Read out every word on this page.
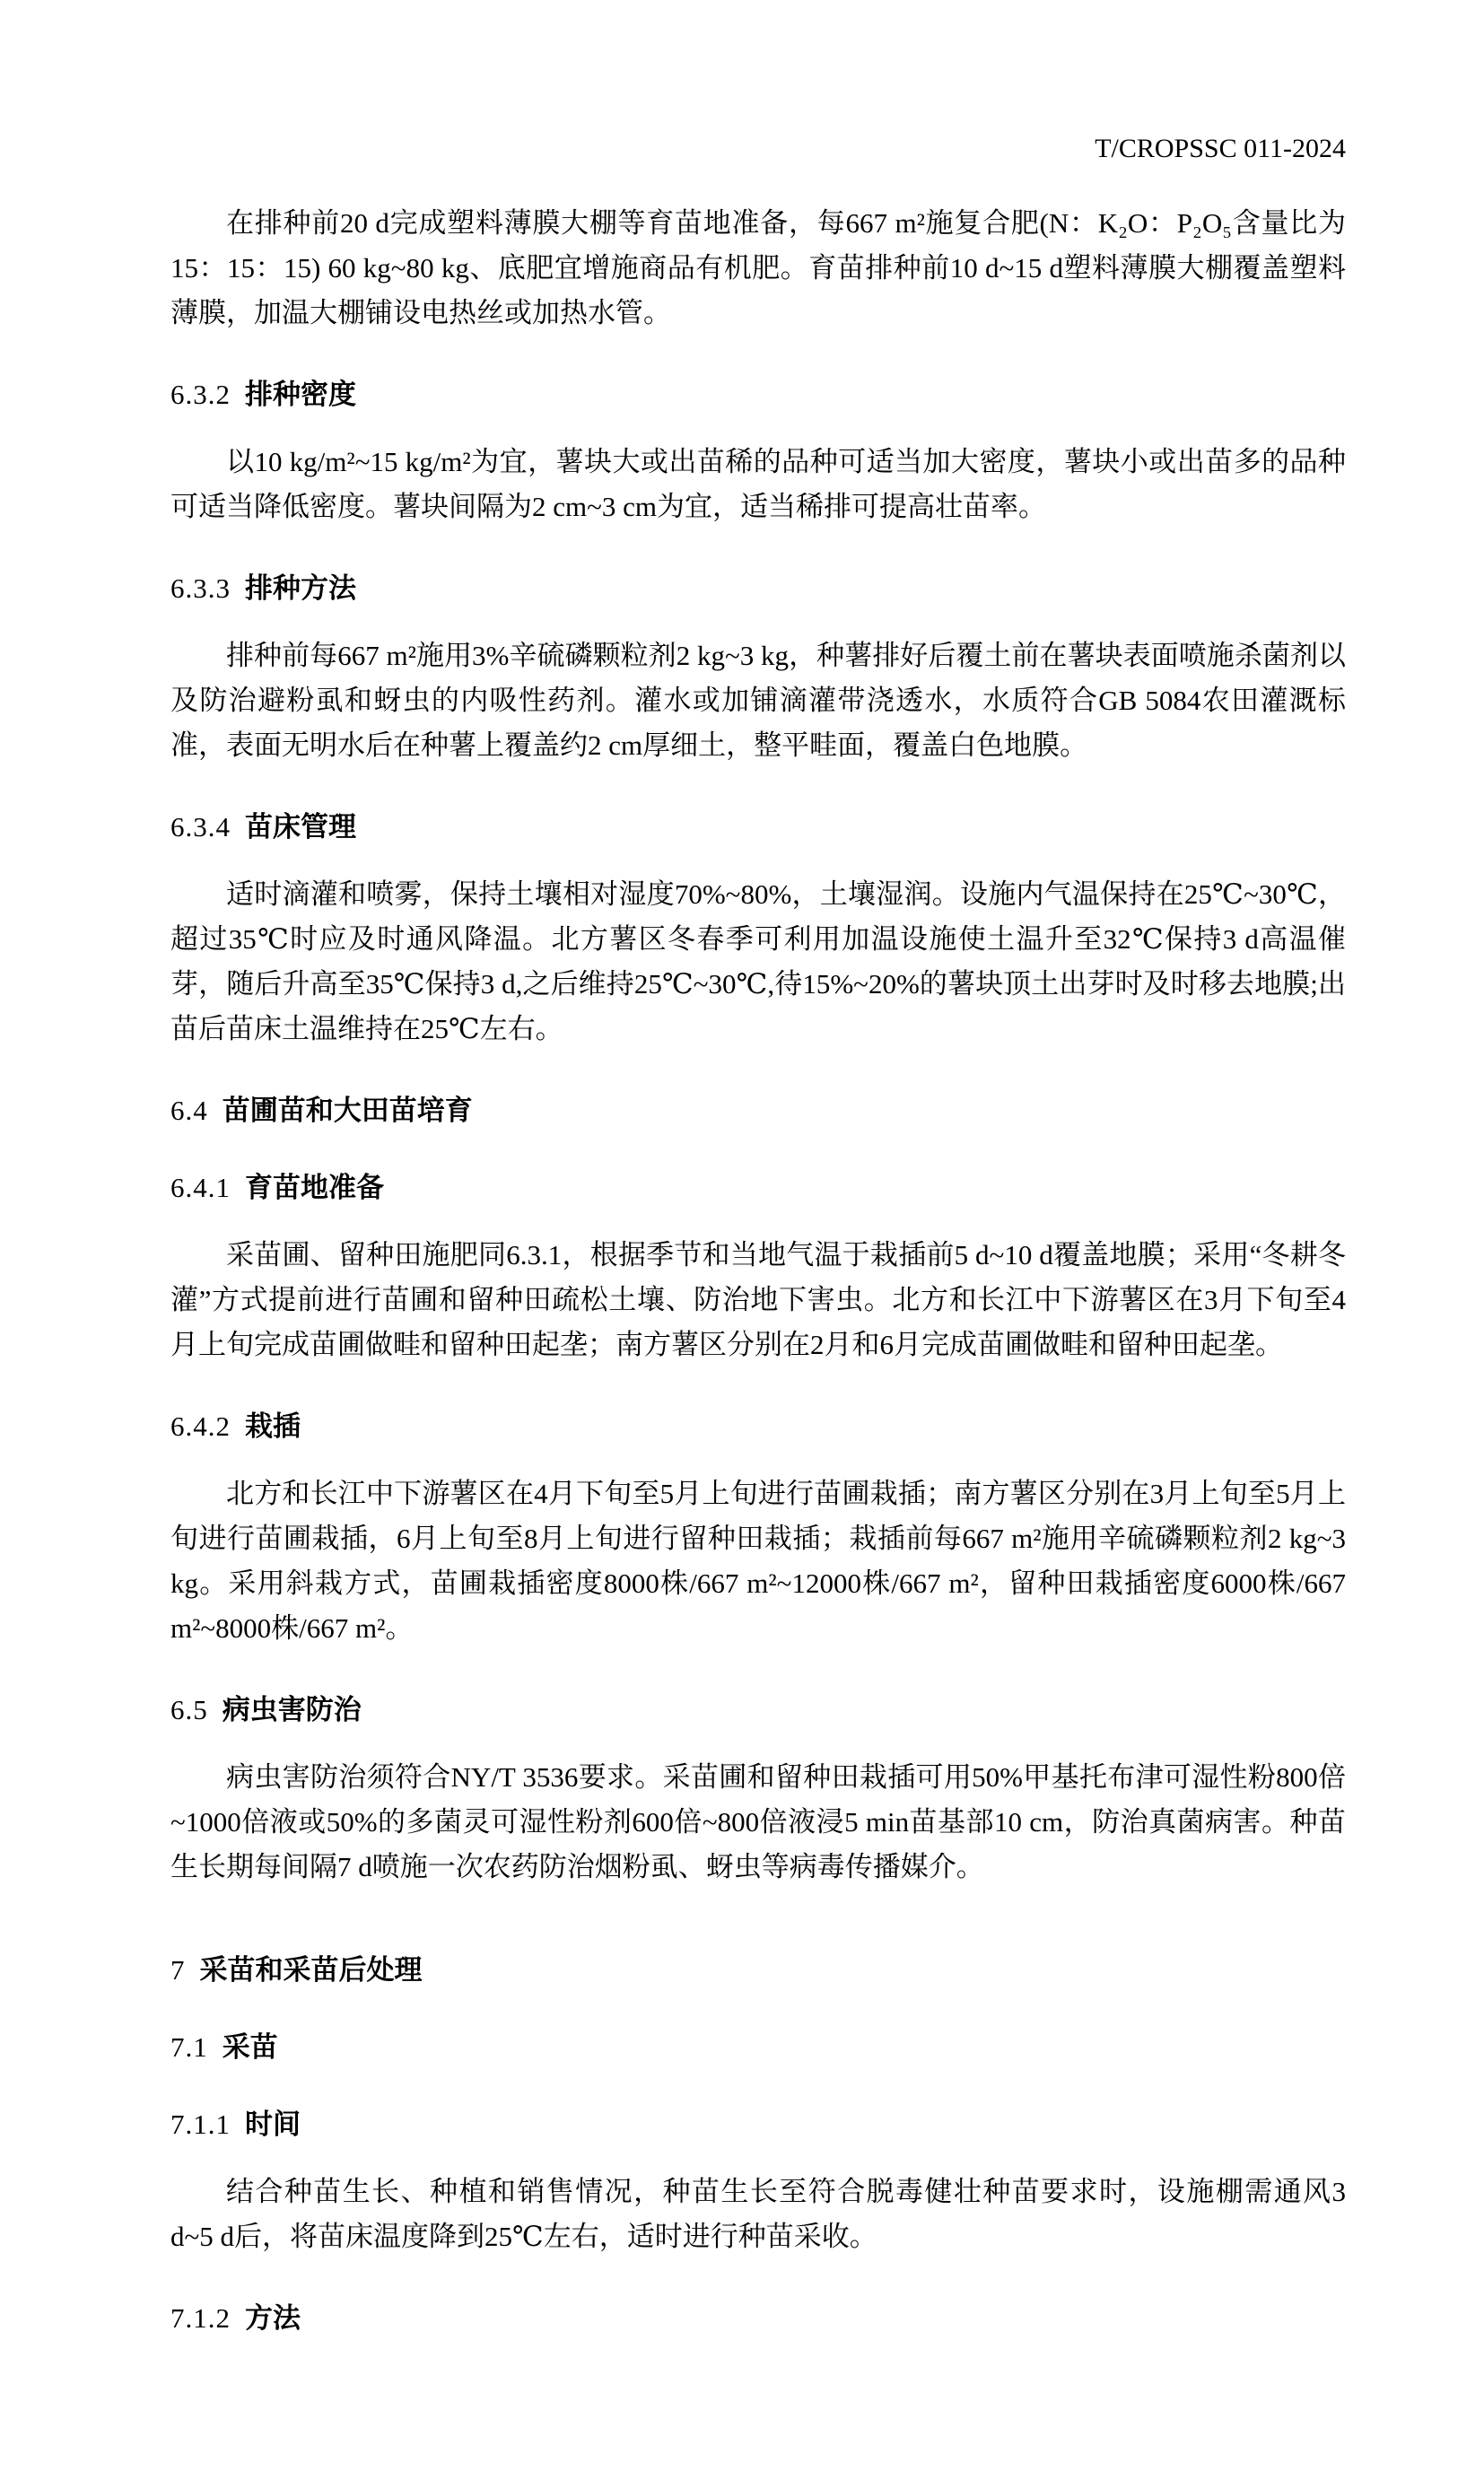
T/CROPSSC 011-2024

在排种前20 d完成塑料薄膜大棚等育苗地准备，每667 m²施复合肥(N：K₂O：P₂O₅含量比为15：15：15) 60 kg~80 kg、底肥宜增施商品有机肥。育苗排种前10 d~15 d塑料薄膜大棚覆盖塑料薄膜，加温大棚铺设电热丝或加热水管。

6.3.2 排种密度

以10 kg/m²~15 kg/m²为宜，薯块大或出苗稀的品种可适当加大密度，薯块小或出苗多的品种可适当降低密度。薯块间隔为2 cm~3 cm为宜，适当稀排可提高壮苗率。

6.3.3 排种方法

排种前每667 m²施用3%辛硫磷颗粒剂2 kg~3 kg，种薯排好后覆土前在薯块表面喷施杀菌剂以及防治避粉虱和蚜虫的内吸性药剂。灌水或加铺滴灌带浇透水，水质符合GB 5084农田灌溉标准，表面无明水后在种薯上覆盖约2 cm厚细土，整平畦面，覆盖白色地膜。

6.3.4 苗床管理

适时滴灌和喷雾，保持土壤相对湿度70%~80%，土壤湿润。设施内气温保持在25℃~30℃，超过35℃时应及时通风降温。北方薯区冬春季可利用加温设施使土温升至32℃保持3 d高温催芽，随后升高至35℃保持3 d,之后维持25℃~30℃,待15%~20%的薯块顶土出芽时及时移去地膜;出苗后苗床土温维持在25℃左右。

6.4 苗圃苗和大田苗培育
6.4.1 育苗地准备

采苗圃、留种田施肥同6.3.1，根据季节和当地气温于栽插前5 d~10 d覆盖地膜；采用“冬耕冬灌”方式提前进行苗圃和留种田疏松土壤、防治地下害虫。北方和长江中下游薯区在3月下旬至4月上旬完成苗圃做畦和留种田起垄；南方薯区分别在2月和6月完成苗圃做畦和留种田起垄。

6.4.2 栽插

北方和长江中下游薯区在4月下旬至5月上旬进行苗圃栽插；南方薯区分别在3月上旬至5月上旬进行苗圃栽插，6月上旬至8月上旬进行留种田栽插；栽插前每667 m²施用辛硫磷颗粒剂2 kg~3 kg。采用斜栽方式，苗圃栽插密度8000株/667 m²~12000株/667 m²，留种田栽插密度6000株/667 m²~8000株/667 m²。

6.5 病虫害防治

病虫害防治须符合NY/T 3536要求。采苗圃和留种田栽插可用50%甲基托布津可湿性粉800倍~1000倍液或50%的多菌灵可湿性粉剂600倍~800倍液浸5 min苗基部10 cm，防治真菌病害。种苗生长期每间隔7 d喷施一次农药防治烟粉虱、蚜虫等病毒传播媒介。

7 采苗和采苗后处理
7.1 采苗
7.1.1 时间

结合种苗生长、种植和销售情况，种苗生长至符合脱毒健壮种苗要求时，设施棚需通风3 d~5 d后，将苗床温度降到25℃左右，适时进行种苗采收。

7.1.2 方法
